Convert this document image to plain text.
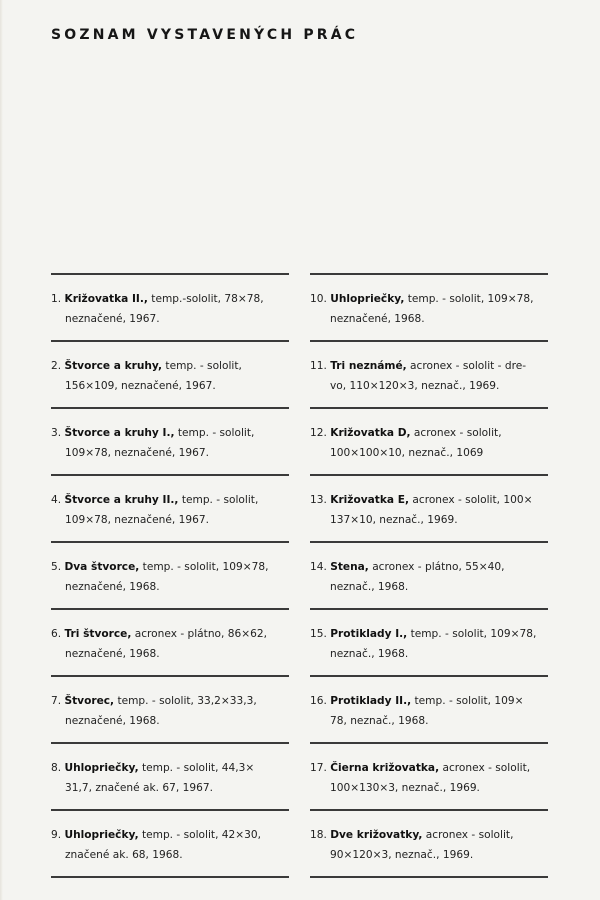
SOZNAM VYSTAVENÝCH PRÁC
1. Križovatka II., temp.-sololit, 78×78,
neznačené, 1967.
2. Štvorce a kruhy, temp. - sololit,
156×109, neznačené, 1967.
3. Štvorce a kruhy I., temp. - sololit,
109×78, neznačené, 1967.
4. Štvorce a kruhy II., temp. - sololit,
109×78, neznačené, 1967.
5. Dva štvorce, temp. - sololit, 109×78,
neznačené, 1968.
6. Tri štvorce, acronex - plátno, 86×62,
neznačené, 1968.
7. Štvorec, temp. - sololit, 33,2×33,3,
neznačené, 1968.
8. Uhlopriečky, temp. - sololit, 44,3×
31,7, značené ak. 67, 1967.
9. Uhlopriečky, temp. - sololit, 42×30,
značené ak. 68, 1968.
10. Uhlopriečky, temp. - sololit, 109×78,
neznačené, 1968.
11. Tri neznámé, acronex - sololit - dre-
vo, 110×120×3, neznač., 1969.
12. Križovatka D, acronex - sololit,
100×100×10, neznač., 1069
13. Križovatka E, acronex - sololit, 100×
137×10, neznač., 1969.
14. Stena, acronex - plátno, 55×40,
neznač., 1968.
15. Protiklady I., temp. - sololit, 109×78,
neznač., 1968.
16. Protiklady II., temp. - sololit, 109×
78, neznač., 1968.
17. Čierna križovatka, acronex - sololit,
100×130×3, neznač., 1969.
18. Dve križovatky, acronex - sololit,
90×120×3, neznač., 1969.
